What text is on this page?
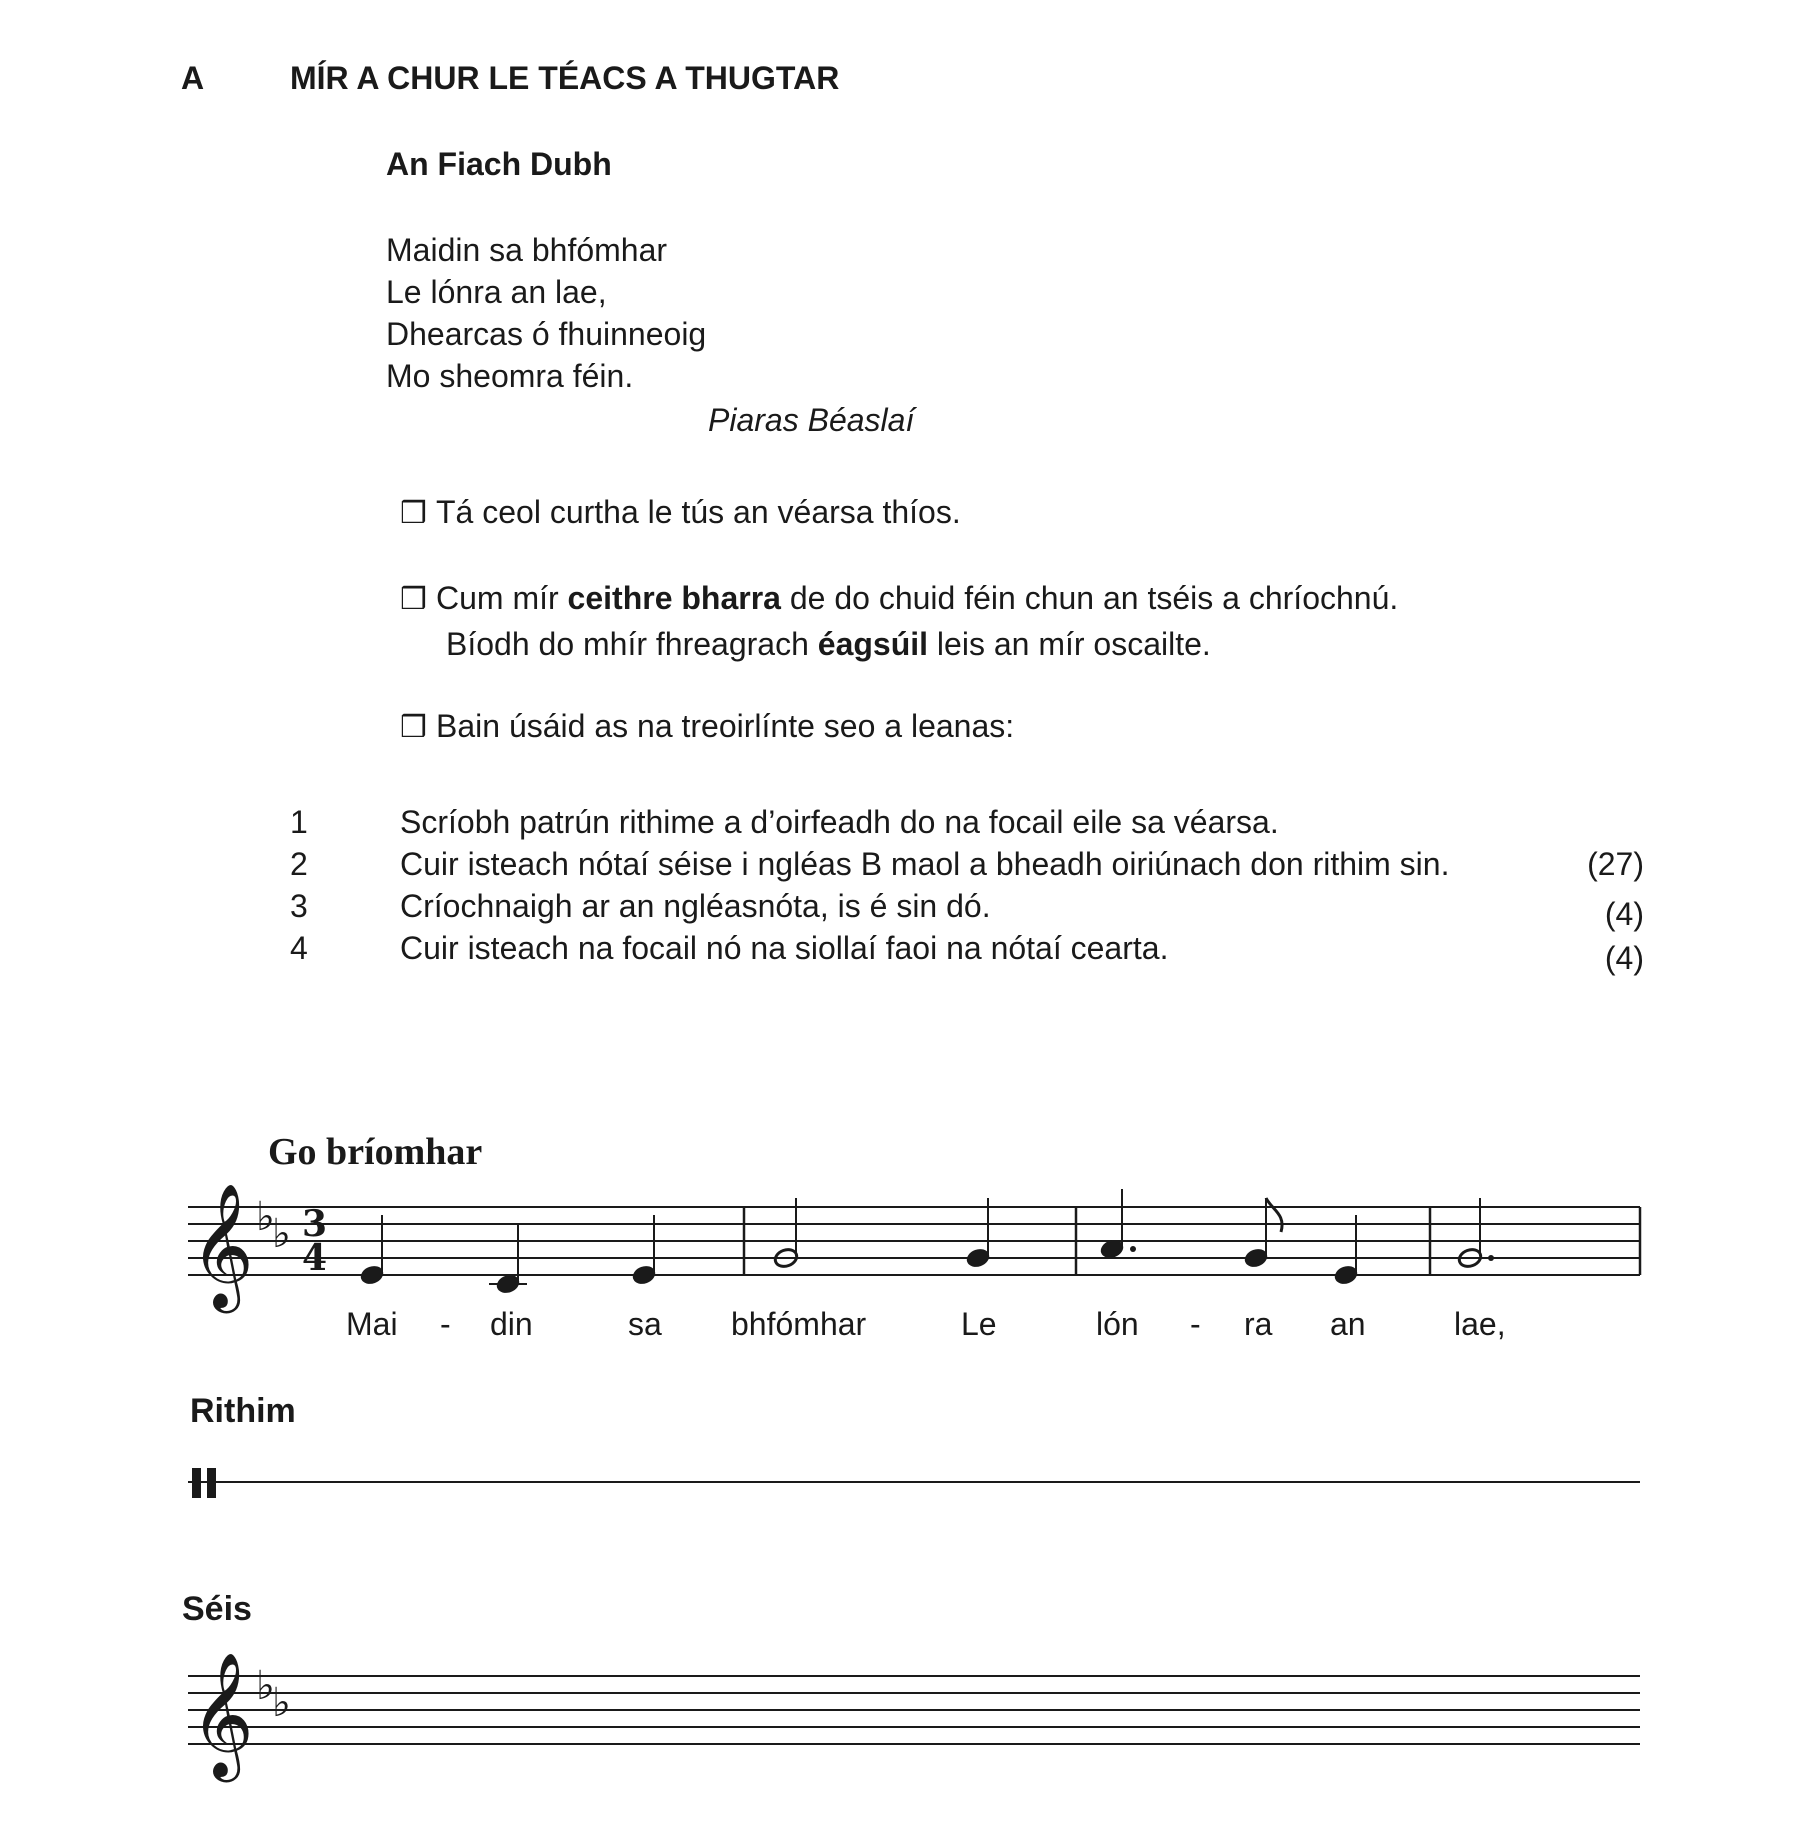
A	MÍR A CHUR LE TÉACS A THUGTAR
An Fiach Dubh
Maidin sa bhfómhar
Le lónra an lae,
Dhearcas ó fhuinneoig
Mo sheomra féin.
Piaras Béaslaí
❒ Tá ceol curtha le tús an véarsa thíos.
❒ Cum mír ceithre bharra de do chuid féin chun an tséis a chríochnú.
Bíodh do mhír fhreagrach éagsúil leis an mír oscailte.
❒ Bain úsáid as na treoirlínte seo a leanas:
1	Scríobh patrún rithime a d’oirfeadh do na focail eile sa véarsa.
2	Cuir isteach nótaí séise i ngléas B maol a bheadh oiriúnach don rithim sin.	(27)
3	Críochnaigh ar an ngléasnóta, is é sin dó.	(4)
4	Cuir isteach na focail nó na siollaí faoi na nótaí cearta.	(4)
Go bríomhar
𝄞 ♭
♭ 3
4
𝄞 ♭
♭
Mai - din	sa bhfómhar	Le	lón - ra an	lae,
Rithim
Séis
